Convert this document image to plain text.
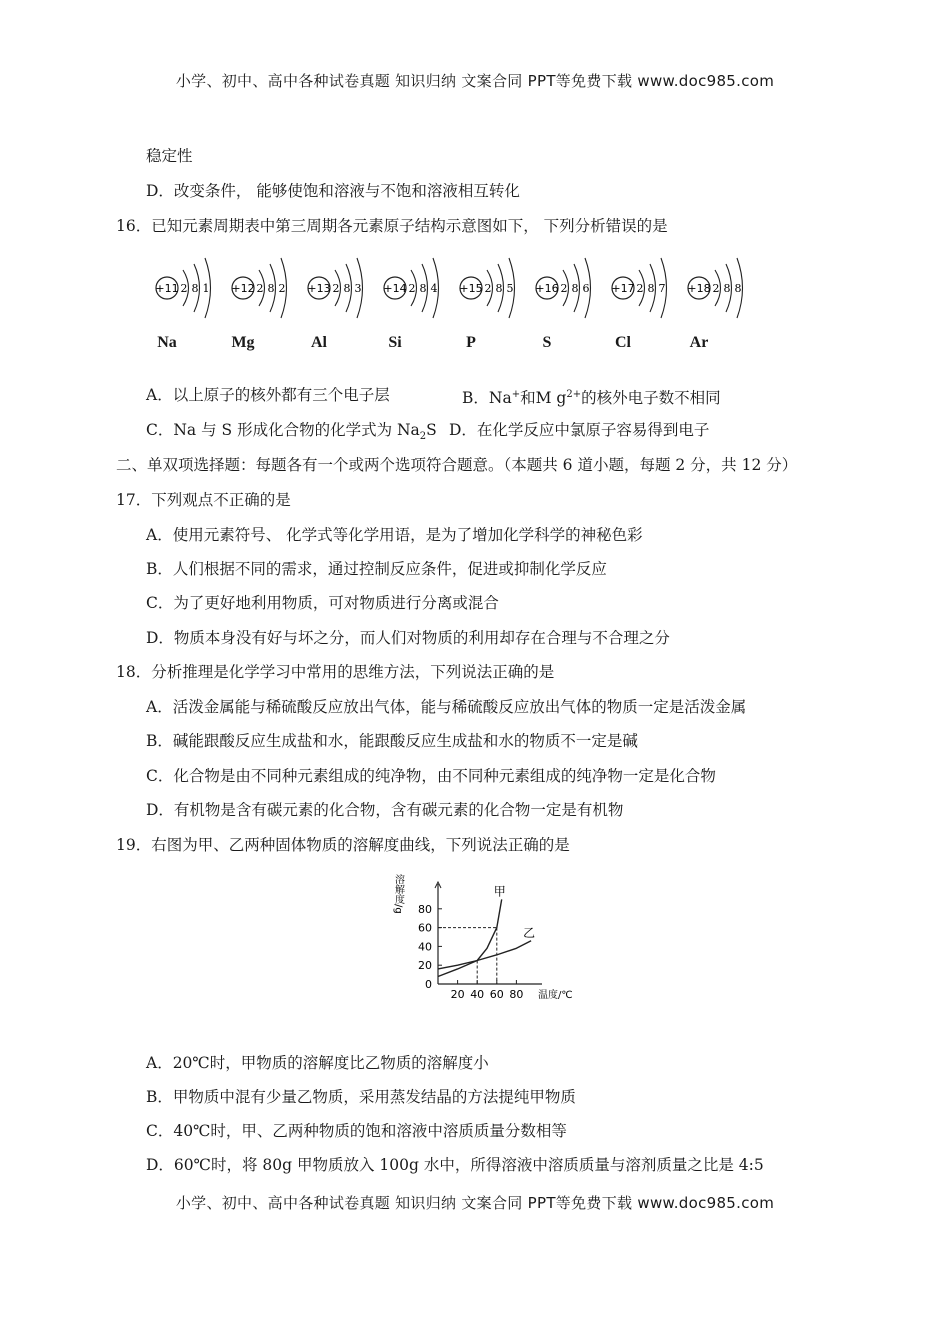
小学、初中、高中各种试卷真题 知识归纳 文案合同 PPT等免费下载 www.doc985.com
稳定性
D．改变条件， 能够使饱和溶液与不饱和溶液相互转化
16．已知元素周期表中第三周期各元素原子结构示意图如下， 下列分析错误的是
+11 2 8 1
Na
+12 2 8 2
Mg
+13 2 8 3
Al
+14 2 8 4
Si
+15 2 8 5
P
+16 2 8 6
S
+17 2 8 7
Cl
+18 2 8 8
Ar
A．以上原子的核外都有三个电子层	B．Na+和M $g^{2+}$的核外电子数不相同
C．Na 与 S 形成化合物的化学式为 $Na_2S$ D．在化学反应中氯原子容易得到电子
二、单双项选择题：每题各有一个或两个选项符合题意。（本题共 6 道小题，每题 2 分，共 12 分）
17．下列观点不正确的是
A．使用元素符号、 化学式等化学用语，是为了增加化学科学的神秘色彩
B．人们根据不同的需求，通过控制反应条件，促进或抑制化学反应
C．为了更好地利用物质，可对物质进行分离或混合
D．物质本身没有好与坏之分，而人们对物质的利用却存在合理与不合理之分
18．分析推理是化学学习中常用的思维方法，下列说法正确的是
A．活泼金属能与稀硫酸反应放出气体，能与稀硫酸反应放出气体的物质一定是活泼金属
B．碱能跟酸反应生成盐和水，能跟酸反应生成盐和水的物质不一定是碱
C．化合物是由不同种元素组成的纯净物，由不同种元素组成的纯净物一定是化合物
D．有机物是含有碳元素的化合物，含有碳元素的化合物一定是有机物
19．右图为甲、乙两种固体物质的溶解度曲线，下列说法正确的是
0
20
40
60
80
20 40 60 80 温度/℃
溶解度/g	甲
乙
A．20℃时，甲物质的溶解度比乙物质的溶解度小
B．甲物质中混有少量乙物质，采用蒸发结晶的方法提纯甲物质
C．40℃时，甲、乙两种物质的饱和溶液中溶质质量分数相等
D．60℃时，将 80g 甲物质放入 100g 水中，所得溶液中溶质质量与溶剂质量之比是 4:5
小学、初中、高中各种试卷真题 知识归纳 文案合同 PPT等免费下载 www.doc985.com
